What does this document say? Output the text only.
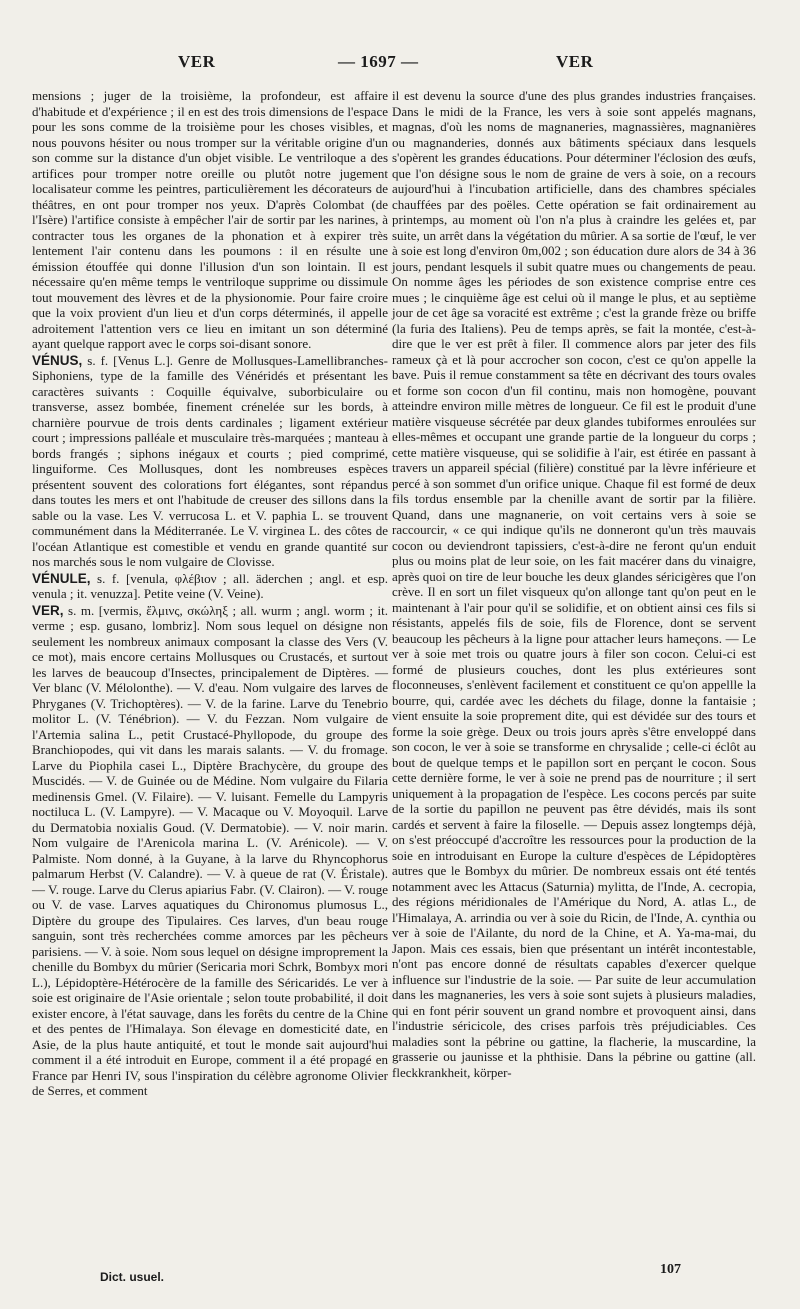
VER	— 1697 —	VER

mensions ; juger de la troisième, la profondeur, est affaire d'habitude et d'expérience ; il en est des trois dimensions de l'espace pour les sons comme de la troisième pour les choses visibles, et nous pouvons hésiter ou nous tromper sur la véritable origine d'un son comme sur la distance d'un objet visible. Le ventriloque a des artifices pour tromper notre oreille ou plutôt notre jugement localisateur comme les peintres, particulièrement les décorateurs de théâtres, en ont pour tromper nos yeux. D'après Colombat (de l'Isère) l'artifice consiste à empêcher l'air de sortir par les narines, à contracter tous les organes de la phonation et à expirer très lentement l'air contenu dans les poumons : il en résulte une émission étouffée qui donne l'illusion d'un son lointain. Il est nécessaire qu'en même temps le ventriloque supprime ou dissimule tout mouvement des lèvres et de la physionomie. Pour faire croire que la voix provient d'un lieu et d'un corps déterminés, il appelle adroitement l'attention vers ce lieu en imitant un son déterminé ayant quelque rapport avec le corps soi-disant sonore.

VÉNUS, s. f. [Venus L.]. Genre de Mollusques-Lamellibranches-Siphoniens, type de la famille des Vénéridés et présentant les caractères suivants : Coquille équivalve, suborbiculaire ou transverse, assez bombée, finement crénelée sur les bords, à charnière pourvue de trois dents cardinales ; ligament extérieur court ; impressions palléale et musculaire très-marquées ; manteau à bords frangés ; siphons inégaux et courts ; pied comprimé, linguiforme. Ces Mollusques, dont les nombreuses espèces présentent souvent des colorations fort élégantes, sont répandus dans toutes les mers et ont l'habitude de creuser des sillons dans la sable ou la vase. Les V. verrucosa L. et V. paphia L. se trouvent communément dans la Méditerranée. Le V. virginea L. des côtes de l'océan Atlantique est comestible et vendu en grande quantité sur nos marchés sous le nom vulgaire de Clovisse.

VÉNULE, s. f. [venula, φλέβιον ; all. äderchen ; angl. et esp. venula ; it. venuzza]. Petite veine (V. Veine).

VER, s. m. [vermis, ἕλμινς, σκώληξ ; all. wurm ; angl. worm ; it. verme ; esp. gusano, lombriz]. Nom sous lequel on désigne non seulement les nombreux animaux composant la classe des Vers (V. ce mot), mais encore certains Mollusques ou Crustacés, et surtout les larves de beaucoup d'Insectes, principalement de Diptères. — Ver blanc (V. Mélolonthe). — V. d'eau. Nom vulgaire des larves de Phryganes (V. Trichoptères). — V. de la farine. Larve du Tenebrio molitor L. (V. Ténébrion). — V. du Fezzan. Nom vulgaire de l'Artemia salina L., petit Crustacé-Phyllopode, du groupe des Branchiopodes, qui vit dans les marais salants. — V. du fromage. Larve du Piophila casei L., Diptère Brachycère, du groupe des Muscidés. — V. de Guinée ou de Médine. Nom vulgaire du Filaria medinensis Gmel. (V. Filaire). — V. luisant. Femelle du Lampyris noctiluca L. (V. Lampyre). — V. Macaque ou V. Moyoquil. Larve du Dermatobia noxialis Goud. (V. Dermatobie). — V. noir marin. Nom vulgaire de l'Arenicola marina L. (V. Arénicole). — V. Palmiste. Nom donné, à la Guyane, à la larve du Rhyncophorus palmarum Herbst (V. Calandre). — V. à queue de rat (V. Éristale). — V. rouge. Larve du Clerus apiarius Fabr. (V. Clairon). — V. rouge ou V. de vase. Larves aquatiques du Chironomus plumosus L., Diptère du groupe des Tipulaires. Ces larves, d'un beau rouge sanguin, sont très recherchées comme amorces par les pêcheurs parisiens. — V. à soie. Nom sous lequel on désigne improprement la chenille du Bombyx du mûrier (Sericaria mori Schrk, Bombyx mori L.), Lépidoptère-Hétérocère de la famille des Séricaridés. Le ver à soie est originaire de l'Asie orientale ; selon toute probabilité, il doit exister encore, à l'état sauvage, dans les forêts du centre de la Chine et des pentes de l'Himalaya. Son élevage en domesticité date, en Asie, de la plus haute antiquité, et tout le monde sait aujourd'hui comment il a été introduit en Europe, comment il a été propagé en France par Henri IV, sous l'inspiration du célèbre agronome Olivier de Serres, et comment

il est devenu la source d'une des plus grandes industries françaises. Dans le midi de la France, les vers à soie sont appelés magnans, magnas, d'où les noms de magnaneries, magnassières, magnanières ou magnanderies, donnés aux bâtiments spéciaux dans lesquels s'opèrent les grandes éducations. Pour déterminer l'éclosion des œufs, que l'on désigne sous le nom de graine de vers à soie, on a recours aujourd'hui à l'incubation artificielle, dans des chambres spéciales chauffées par des poëles. Cette opération se fait ordinairement au printemps, au moment où l'on n'a plus à craindre les gelées et, par suite, un arrêt dans la végétation du mûrier. A sa sortie de l'œuf, le ver à soie est long d'environ 0m,002 ; son éducation dure alors de 34 à 36 jours, pendant lesquels il subit quatre mues ou changements de peau. On nomme âges les périodes de son existence comprise entre ces mues ; le cinquième âge est celui où il mange le plus, et au septième jour de cet âge sa voracité est extrême ; c'est la grande frèze ou briffe (la furia des Italiens). Peu de temps après, se fait la montée, c'est-à-dire que le ver est prêt à filer. Il commence alors par jeter des fils rameux çà et là pour accrocher son cocon, c'est ce qu'on appelle la bave. Puis il remue constamment sa tête en décrivant des tours ovales et forme son cocon d'un fil continu, mais non homogène, pouvant atteindre environ mille mètres de longueur. Ce fil est le produit d'une matière visqueuse sécrétée par deux glandes tubiformes enroulées sur elles-mêmes et occupant une grande partie de la longueur du corps ; cette matière visqueuse, qui se solidifie à l'air, est étirée en passant à travers un appareil spécial (filière) constitué par la lèvre inférieure et percé à son sommet d'un orifice unique. Chaque fil est formé de deux fils tordus ensemble par la chenille avant de sortir par la filière. Quand, dans une magnanerie, on voit certains vers à soie se raccourcir, « ce qui indique qu'ils ne donneront qu'un très mauvais cocon ou deviendront tapissiers, c'est-à-dire ne feront qu'un enduit plus ou moins plat de leur soie, on les fait macérer dans du vinaigre, après quoi on tire de leur bouche les deux glandes séricigères que l'on crève. Il en sort un filet visqueux qu'on allonge tant qu'on peut en le maintenant à l'air pour qu'il se solidifie, et on obtient ainsi ces fils si résistants, appelés fils de soie, fils de Florence, dont se servent beaucoup les pêcheurs à la ligne pour attacher leurs hameçons. — Le ver à soie met trois ou quatre jours à filer son cocon. Celui-ci est formé de plusieurs couches, dont les plus extérieures sont floconneuses, s'enlèvent facilement et constituent ce qu'on appellle la bourre, qui, cardée avec les déchets du filage, donne la fantaisie ; vient ensuite la soie proprement dite, qui est dévidée sur des tours et forme la soie grège. Deux ou trois jours après s'être enveloppé dans son cocon, le ver à soie se transforme en chrysalide ; celle-ci éclôt au bout de quelque temps et le papillon sort en perçant le cocon. Sous cette dernière forme, le ver à soie ne prend pas de nourriture ; il sert uniquement à la propagation de l'espèce. Les cocons percés par suite de la sortie du papillon ne peuvent pas être dévidés, mais ils sont cardés et servent à faire la filoselle. — Depuis assez longtemps déjà, on s'est préoccupé d'accroître les ressources pour la production de la soie en introduisant en Europe la culture d'espèces de Lépidoptères autres que le Bombyx du mûrier. De nombreux essais ont été tentés notamment avec les Attacus (Saturnia) mylitta, de l'Inde, A. cecropia, des régions méridionales de l'Amérique du Nord, A. atlas L., de l'Himalaya, A. arrindia ou ver à soie du Ricin, de l'Inde, A. cynthia ou ver à soie de l'Ailante, du nord de la Chine, et A. Ya-ma-mai, du Japon. Mais ces essais, bien que présentant un intérêt incontestable, n'ont pas encore donné de résultats capables d'exercer quelque influence sur l'industrie de la soie. — Par suite de leur accumulation dans les magnaneries, les vers à soie sont sujets à plusieurs maladies, qui en font périr souvent un grand nombre et provoquent ainsi, dans l'industrie séricicole, des crises parfois très préjudiciables. Ces maladies sont la pébrine ou gattine, la flacherie, la muscardine, la grasserie ou jaunisse et la phthisie. Dans la pébrine ou gattine (all. fleckkrankheit, körper-

Dict. usuel.	107
